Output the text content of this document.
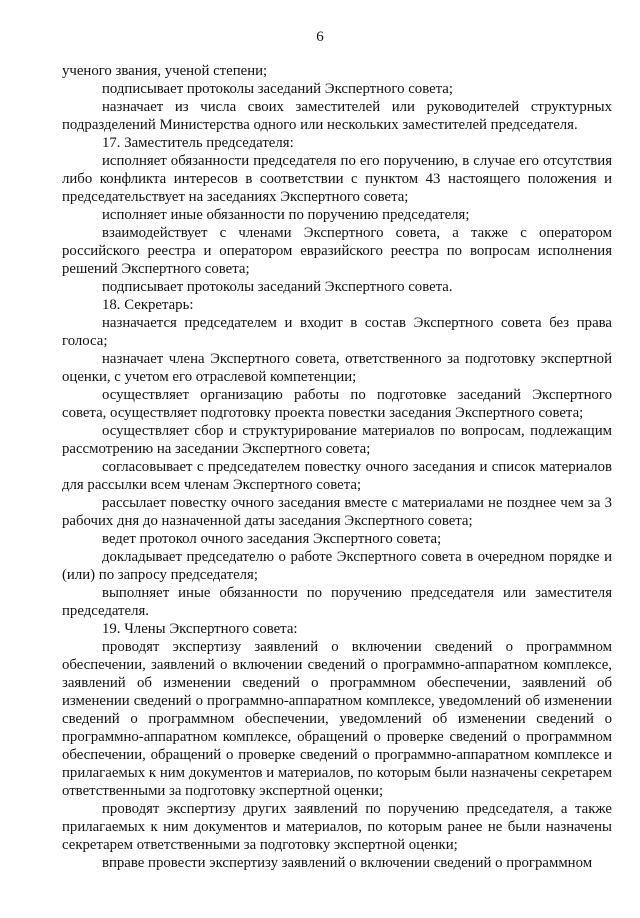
6

ученого звания, ученой степени;

подписывает протоколы заседаний Экспертного совета;

назначает из числа своих заместителей или руководителей структурных подразделений Министерства одного или нескольких заместителей председателя.

17. Заместитель председателя:

исполняет обязанности председателя по его поручению, в случае его отсутствия либо конфликта интересов в соответствии с пунктом 43 настоящего положения и председательствует на заседаниях Экспертного совета;

исполняет иные обязанности по поручению председателя;

взаимодействует с членами Экспертного совета, а также с оператором российского реестра и оператором евразийского реестра по вопросам исполнения решений Экспертного совета;

подписывает протоколы заседаний Экспертного совета.

18. Секретарь:

назначается председателем и входит в состав Экспертного совета без права голоса;

назначает члена Экспертного совета, ответственного за подготовку экспертной оценки, с учетом его отраслевой компетенции;

осуществляет организацию работы по подготовке заседаний Экспертного совета, осуществляет подготовку проекта повестки заседания Экспертного совета;

осуществляет сбор и структурирование материалов по вопросам, подлежащим рассмотрению на заседании Экспертного совета;

согласовывает с председателем повестку очного заседания и список материалов для рассылки всем членам Экспертного совета;

рассылает повестку очного заседания вместе с материалами не позднее чем за 3 рабочих дня до назначенной даты заседания Экспертного совета;

ведет протокол очного заседания Экспертного совета;

докладывает председателю о работе Экспертного совета в очередном порядке и (или) по запросу председателя;

выполняет иные обязанности по поручению председателя или заместителя председателя.

19. Члены Экспертного совета:

проводят экспертизу заявлений о включении сведений о программном обеспечении, заявлений о включении сведений о программно-аппаратном комплексе, заявлений об изменении сведений о программном обеспечении, заявлений об изменении сведений о программно-аппаратном комплексе, уведомлений об изменении сведений о программном обеспечении, уведомлений об изменении сведений о программно-аппаратном комплексе, обращений о проверке сведений о программном обеспечении, обращений о проверке сведений о программно-аппаратном комплексе и прилагаемых к ним документов и материалов, по которым были назначены секретарем ответственными за подготовку экспертной оценки;

проводят экспертизу других заявлений по поручению председателя, а также прилагаемых к ним документов и материалов, по которым ранее не были назначены секретарем ответственными за подготовку экспертной оценки;

вправе провести экспертизу заявлений о включении сведений о программном
